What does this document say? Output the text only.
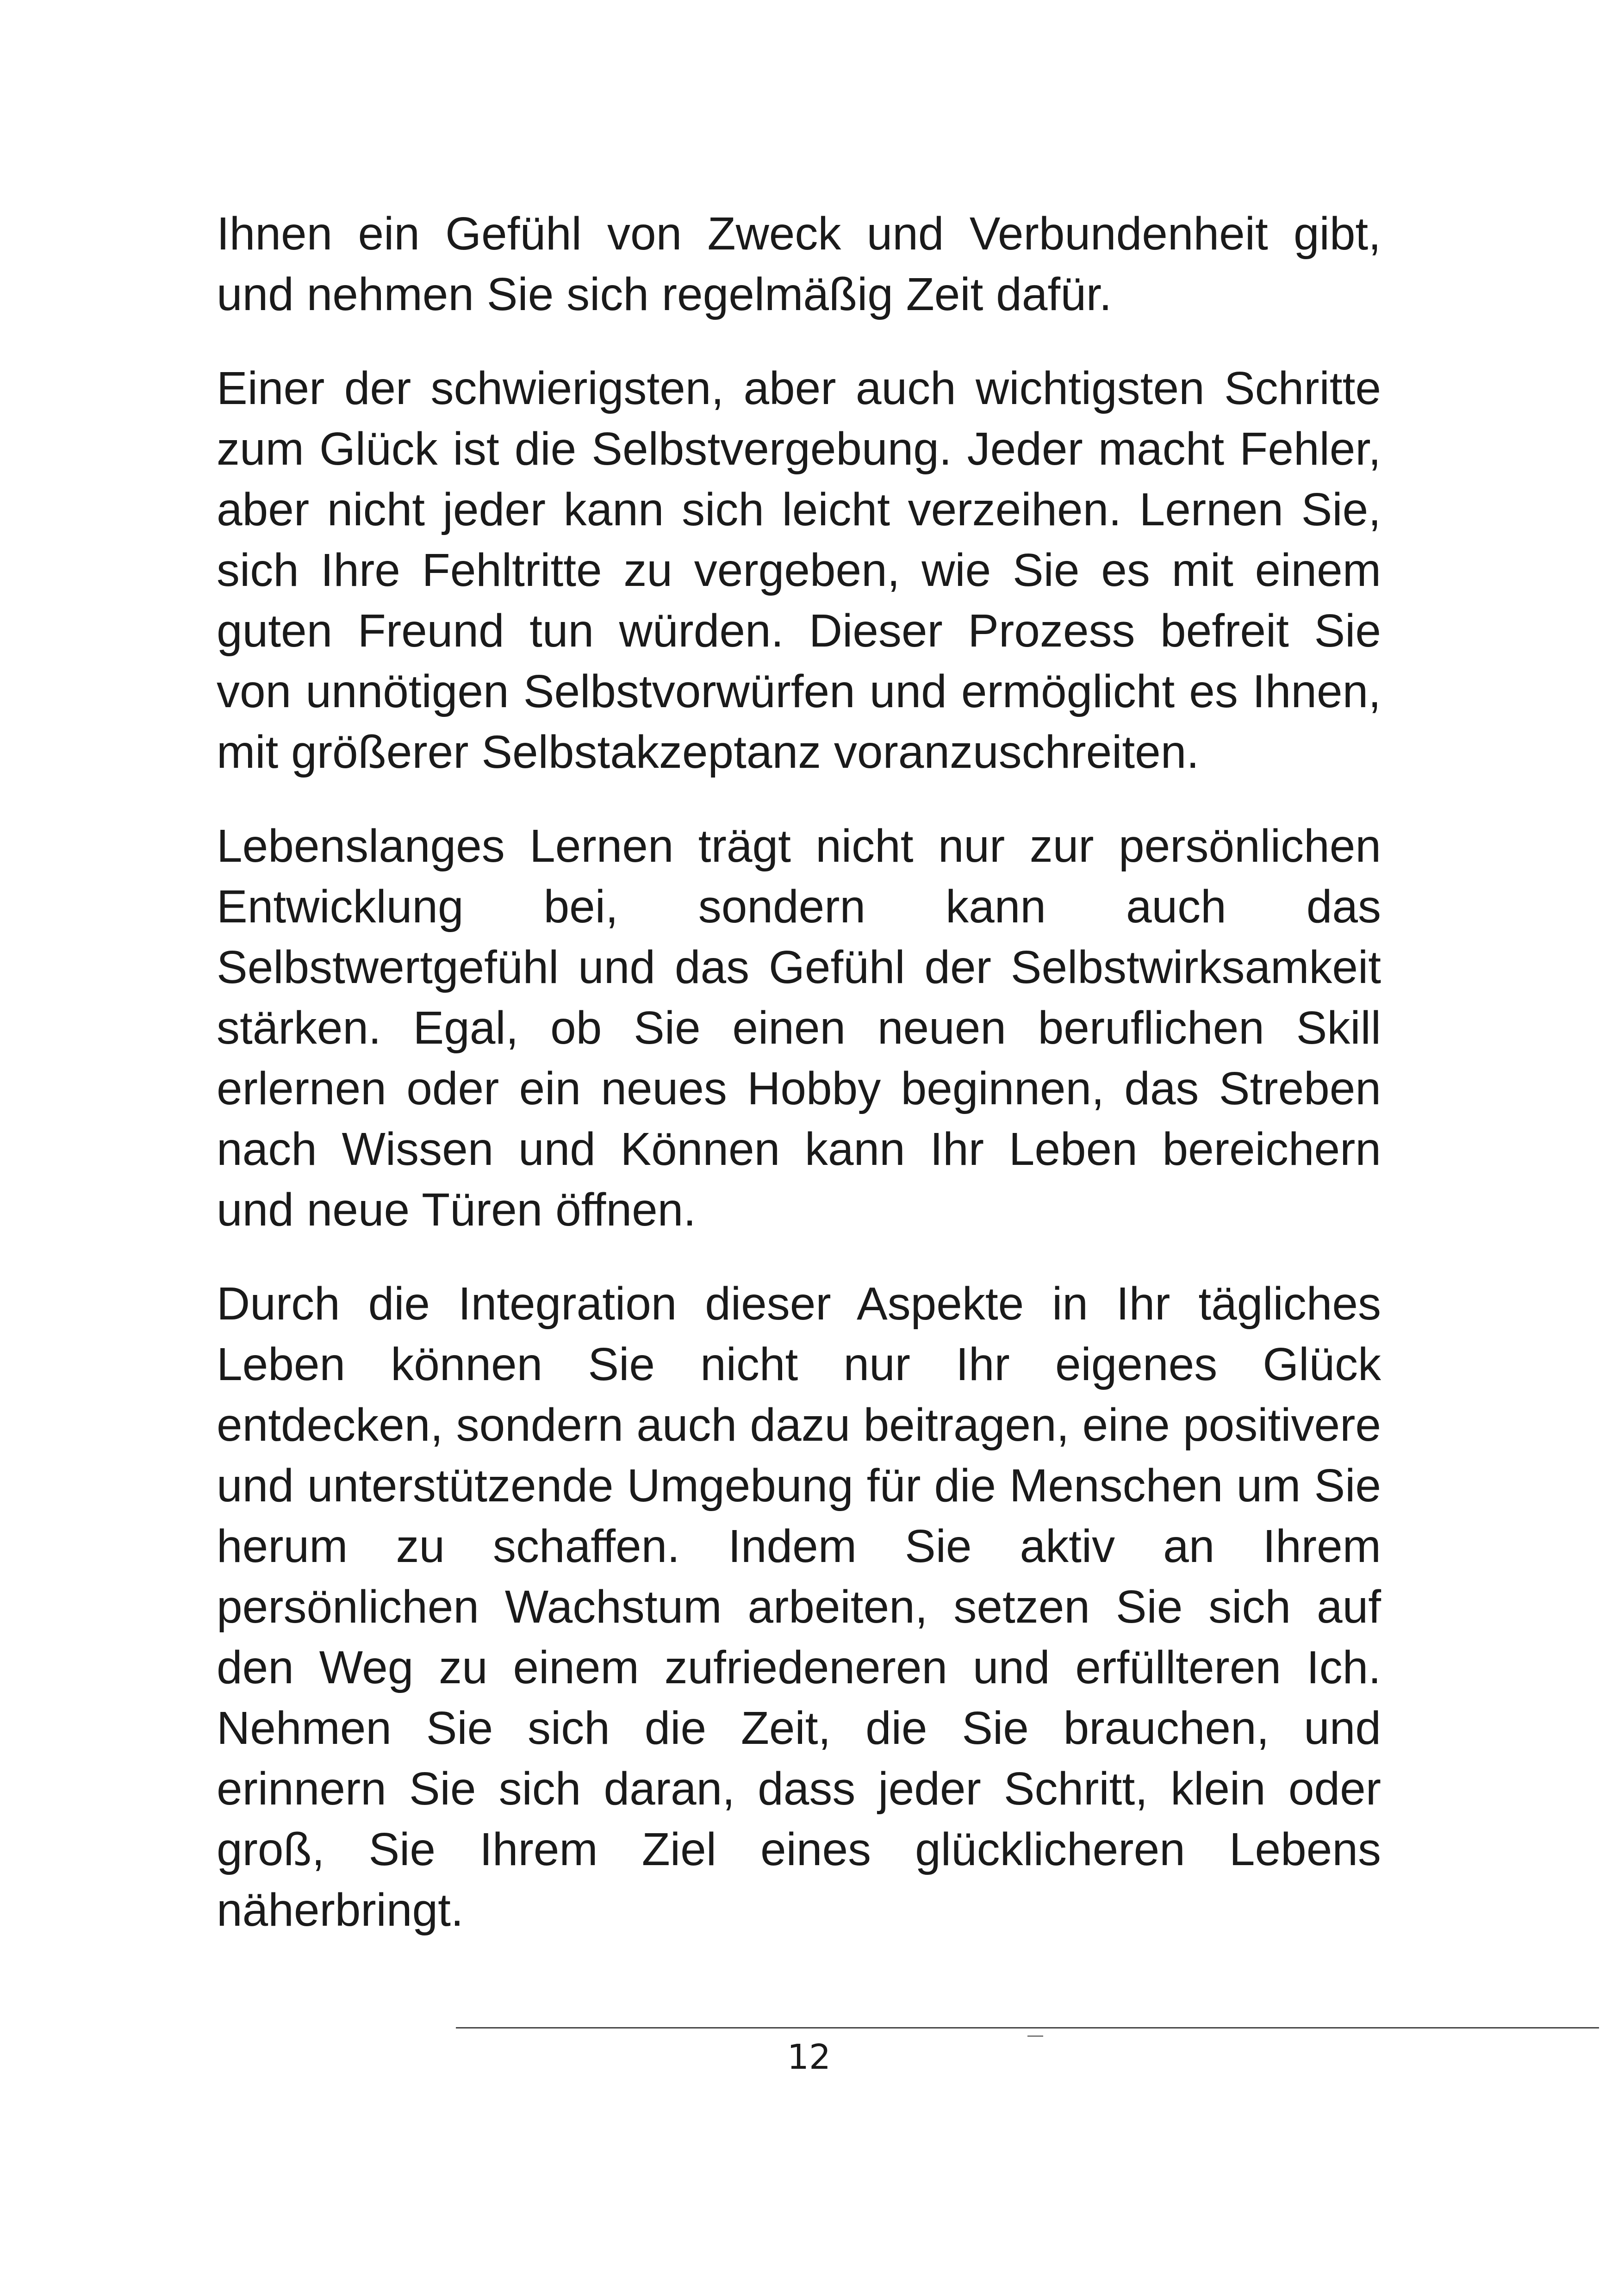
Ihnen ein Gefühl von Zweck und Verbundenheit gibt, und nehmen Sie sich regelmäßig Zeit dafür.

Einer der schwierigsten, aber auch wichtigsten Schritte zum Glück ist die Selbstvergebung. Jeder macht Fehler, aber nicht jeder kann sich leicht verzeihen. Lernen Sie, sich Ihre Fehltritte zu vergeben, wie Sie es mit einem guten Freund tun würden. Dieser Prozess befreit Sie von unnötigen Selbstvorwürfen und ermöglicht es Ihnen, mit größerer Selbstakzeptanz voranzuschreiten.

Lebenslanges Lernen trägt nicht nur zur persönlichen Entwicklung bei, sondern kann auch das Selbstwertgefühl und das Gefühl der Selbstwirksamkeit stärken. Egal, ob Sie einen neuen beruflichen Skill erlernen oder ein neues Hobby beginnen, das Streben nach Wissen und Können kann Ihr Leben bereichern und neue Türen öffnen.

Durch die Integration dieser Aspekte in Ihr tägliches Leben können Sie nicht nur Ihr eigenes Glück entdecken, sondern auch dazu beitragen, eine positivere und unterstützende Umgebung für die Menschen um Sie herum zu schaffen. Indem Sie aktiv an Ihrem persönlichen Wachstum arbeiten, setzen Sie sich auf den Weg zu einem zufriedeneren und erfüllteren Ich. Nehmen Sie sich die Zeit, die Sie brauchen, und erinnern Sie sich daran, dass jeder Schritt, klein oder groß, Sie Ihrem Ziel eines glücklicheren Lebens näherbringt.

12
